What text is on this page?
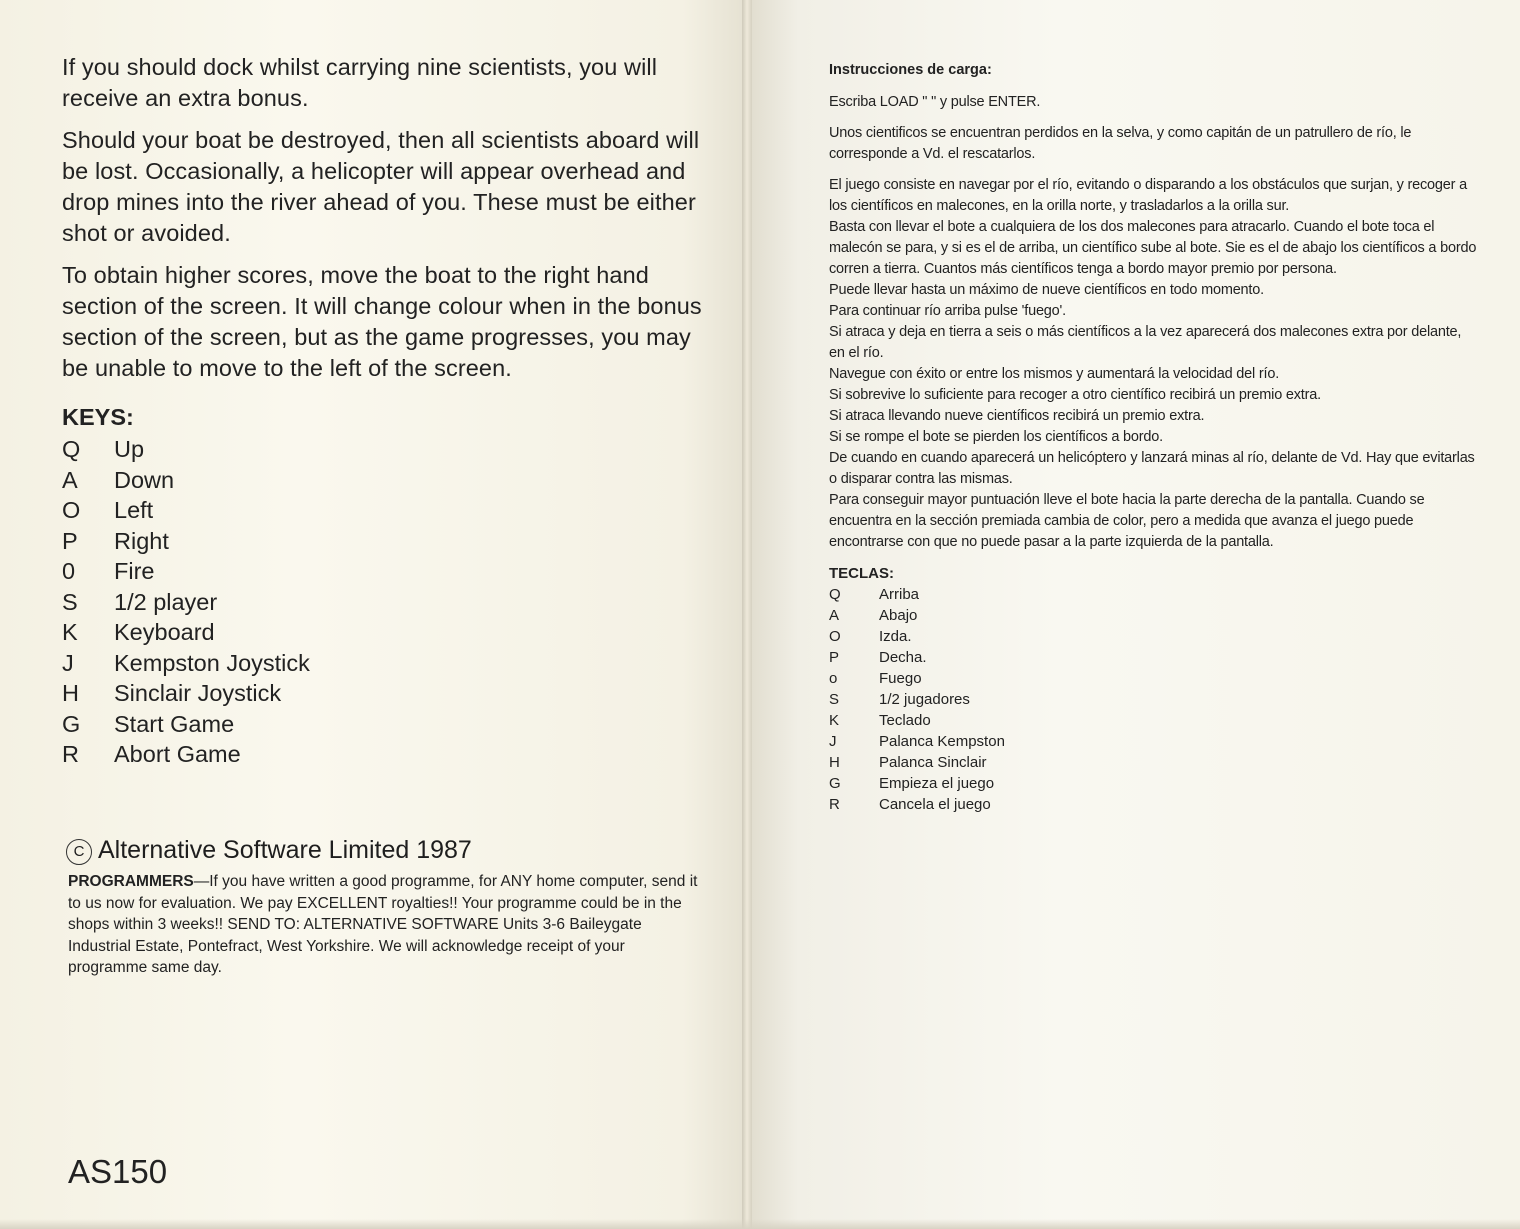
If you should dock whilst carrying nine scientists, you will receive an extra bonus.

Should your boat be destroyed, then all scientists aboard will be lost. Occasionally, a helicopter will appear overhead and drop mines into the river ahead of you. These must be either shot or avoided.

To obtain higher scores, move the boat to the right hand section of the screen. It will change colour when in the bonus section of the screen, but as the game progresses, you may be unable to move to the left of the screen.

KEYS:
Q	Up
A	Down
O	Left
P	Right
0	Fire
S	1/2 player
K	Keyboard
J	Kempston Joystick
H	Sinclair Joystick
G	Start Game
R	Abort Game
C Alternative Software Limited 1987
PROGRAMMERS—If you have written a good programme, for ANY home computer, send it to us now for evaluation. We pay EXCELLENT royalties!! Your programme could be in the shops within 3 weeks!! SEND TO: ALTERNATIVE SOFTWARE Units 3-6 Baileygate Industrial Estate, Pontefract, West Yorkshire. We will acknowledge receipt of your programme same day.
AS150
Instrucciones de carga:

Escriba LOAD " " y pulse ENTER.

Unos cientificos se encuentran perdidos en la selva, y como capitán de un patrullero de río, le corresponde a Vd. el rescatarlos.

El juego consiste en navegar por el río, evitando o disparando a los obstáculos que surjan, y recoger a los científicos en malecones, en la orilla norte, y trasladarlos a la orilla sur.

Basta con llevar el bote a cualquiera de los dos malecones para atracarlo. Cuando el bote toca el malecón se para, y si es el de arriba, un científico sube al bote. Sie es el de abajo los científicos a bordo corren a tierra. Cuantos más científicos tenga a bordo mayor premio por persona.
Puede llevar hasta un máximo de nueve científicos en todo momento.
Para continuar río arriba pulse 'fuego'.
Si atraca y deja en tierra a seis o más científicos a la vez aparecerá dos malecones extra por delante, en el río.
Navegue con éxito or entre los mismos y aumentará la velocidad del río.
Si sobrevive lo suficiente para recoger a otro científico recibirá un premio extra.
Si atraca llevando nueve científicos recibirá un premio extra.
Si se rompe el bote se pierden los científicos a bordo.
De cuando en cuando aparecerá un helicóptero y lanzará minas al río, delante de Vd. Hay que evitarlas o disparar contra las mismas.
Para conseguir mayor puntuación lleve el bote hacia la parte derecha de la pantalla. Cuando se encuentra en la sección premiada cambia de color, pero a medida que avanza el juego puede encontrarse con que no puede pasar a la parte izquierda de la pantalla.
TECLAS:
Q	Arriba
A	Abajo
O	Izda.
P	Decha.
o	Fuego
S	1/2 jugadores
K	Teclado
J	Palanca Kempston
H	Palanca Sinclair
G	Empieza el juego
R	Cancela el juego
